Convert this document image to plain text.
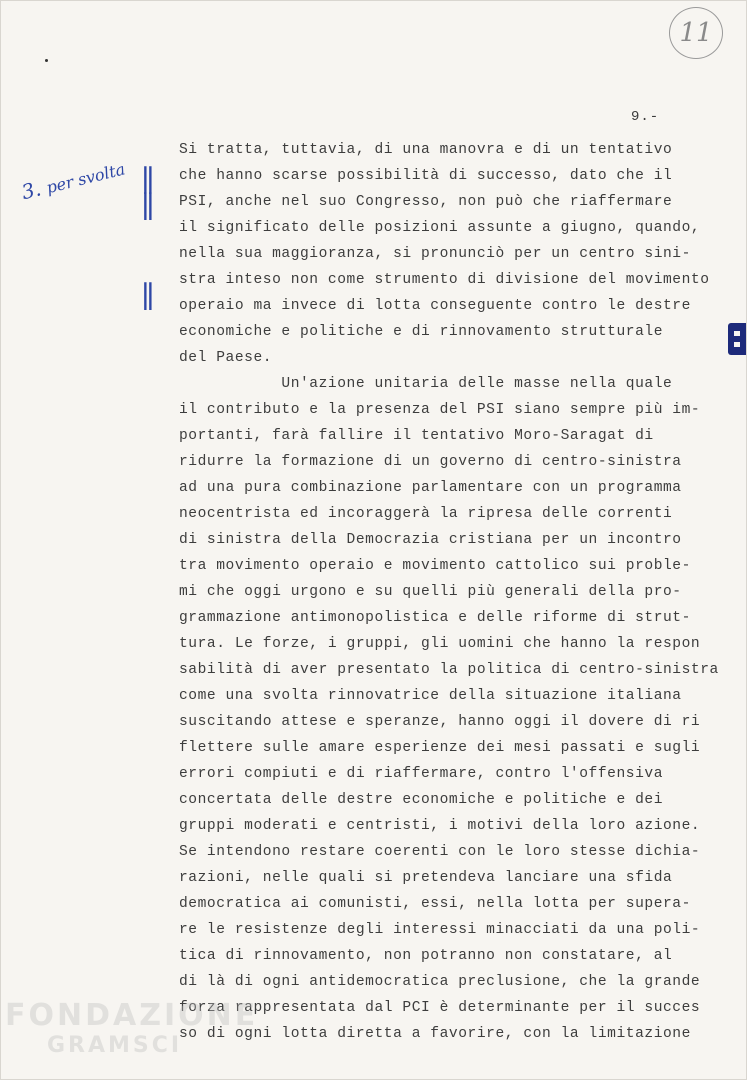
11
9.-
3.per svolta ∥
∥
∥
Si tratta, tuttavia, di una manovra e di un tentativo
che hanno scarse possibilità di successo, dato che il
PSI, anche nel suo Congresso, non può che riaffermare
il significato delle posizioni assunte a giugno, quando,
nella sua maggioranza, si pronunciò per un centro sini-
stra inteso non come strumento di divisione del movimento
operaio ma invece di lotta conseguente contro le destre
economiche e politiche e di rinnovamento strutturale
del Paese.
Un'azione unitaria delle masse nella quale
il contributo e la presenza del PSI siano sempre più im-
portanti, farà fallire il tentativo Moro-Saragat di
ridurre la formazione di un governo di centro-sinistra
ad una pura combinazione parlamentare con un programma
neocentrista ed incoraggerà la ripresa delle correnti
di sinistra della Democrazia cristiana per un incontro
tra movimento operaio e movimento cattolico sui proble-
mi che oggi urgono e su quelli più generali della pro-
grammazione antimonopolistica e delle riforme di strut-
tura. Le forze, i gruppi, gli uomini che hanno la respon
sabilità di aver presentato la politica di centro-sinistra
come una svolta rinnovatrice della situazione italiana
suscitando attese e speranze, hanno oggi il dovere di ri
flettere sulle amare esperienze dei mesi passati e sugli
errori compiuti e di riaffermare, contro l'offensiva
concertata delle destre economiche e politiche e dei
gruppi moderati e centristi, i motivi della loro azione.
Se intendono restare coerenti con le loro stesse dichia-
razioni, nelle quali si pretendeva lanciare una sfida
democratica ai comunisti, essi, nella lotta per supera-
re le resistenze degli interessi minacciati da una poli-
tica di rinnovamento, non potranno non constatare, al
di là di ogni antidemocratica preclusione, che la grande
forza rappresentata dal PCI è determinante per il succes
so di ogni lotta diretta a favorire, con la limitazione
FONDAZIONE
GRAMSCI
